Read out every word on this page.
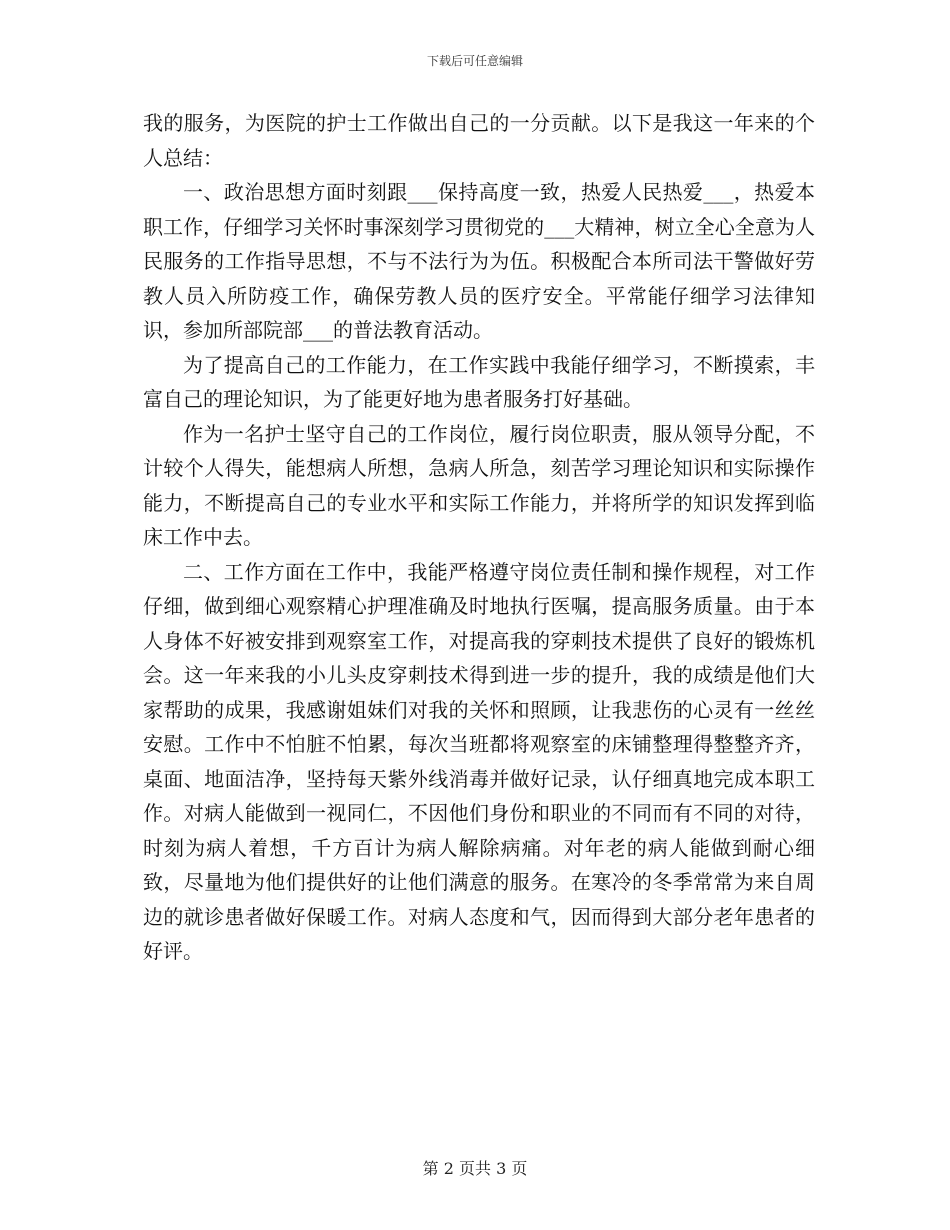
下载后可任意编辑

我的服务，为医院的护士工作做出自己的一分贡献。以下是我这一年来的个人总结：

一、政治思想方面时刻跟___保持高度一致，热爱人民热爱___，热爱本职工作，仔细学习关怀时事深刻学习贯彻党的___大精神，树立全心全意为人民服务的工作指导思想，不与不法行为为伍。积极配合本所司法干警做好劳教人员入所防疫工作，确保劳教人员的医疗安全。平常能仔细学习法律知识，参加所部院部___的普法教育活动。

为了提高自己的工作能力，在工作实践中我能仔细学习，不断摸索，丰富自己的理论知识，为了能更好地为患者服务打好基础。

作为一名护士坚守自己的工作岗位，履行岗位职责，服从领导分配，不计较个人得失，能想病人所想，急病人所急，刻苦学习理论知识和实际操作能力，不断提高自己的专业水平和实际工作能力，并将所学的知识发挥到临床工作中去。

二、工作方面在工作中，我能严格遵守岗位责任制和操作规程，对工作仔细，做到细心观察精心护理准确及时地执行医嘱，提高服务质量。由于本人身体不好被安排到观察室工作，对提高我的穿刺技术提供了良好的锻炼机会。这一年来我的小儿头皮穿刺技术得到进一步的提升，我的成绩是他们大家帮助的成果，我感谢姐妹们对我的关怀和照顾，让我悲伤的心灵有一丝丝安慰。工作中不怕脏不怕累，每次当班都将观察室的床铺整理得整整齐齐，桌面、地面洁净，坚持每天紫外线消毒并做好记录，认仔细真地完成本职工作。对病人能做到一视同仁，不因他们身份和职业的不同而有不同的对待，时刻为病人着想，千方百计为病人解除病痛。对年老的病人能做到耐心细致，尽量地为他们提供好的让他们满意的服务。在寒冷的冬季常常为来自周边的就诊患者做好保暖工作。对病人态度和气，因而得到大部分老年患者的好评。

第 2 页共 3 页
